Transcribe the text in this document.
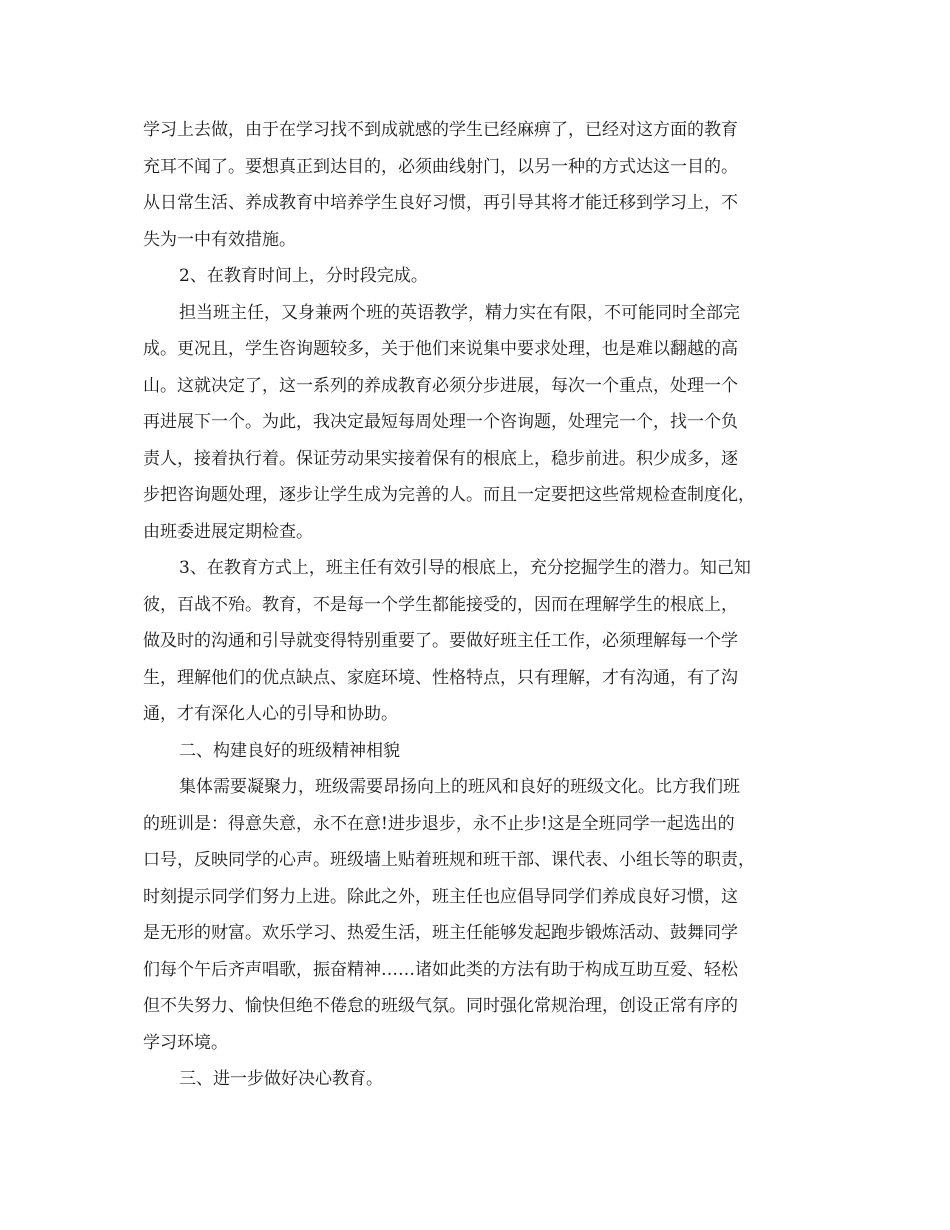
学习上去做，由于在学习找不到成就感的学生已经麻痹了，已经对这方面的教育
充耳不闻了。要想真正到达目的，必须曲线射门，以另一种的方式达这一目的。
从日常生活、养成教育中培养学生良好习惯，再引导其将才能迁移到学习上，不
失为一中有效措施。
2、在教育时间上，分时段完成。
担当班主任，又身兼两个班的英语教学，精力实在有限，不可能同时全部完
成。更况且，学生咨询题较多，关于他们来说集中要求处理，也是难以翻越的高
山。这就决定了，这一系列的养成教育必须分步进展，每次一个重点，处理一个
再进展下一个。为此，我决定最短每周处理一个咨询题，处理完一个，找一个负
责人，接着执行着。保证劳动果实接着保有的根底上，稳步前进。积少成多，逐
步把咨询题处理，逐步让学生成为完善的人。而且一定要把这些常规检查制度化，
由班委进展定期检查。
3、在教育方式上，班主任有效引导的根底上，充分挖掘学生的潜力。知己知
彼，百战不殆。教育，不是每一个学生都能接受的，因而在理解学生的根底上，
做及时的沟通和引导就变得特别重要了。要做好班主任工作，必须理解每一个学
生，理解他们的优点缺点、家庭环境、性格特点，只有理解，才有沟通，有了沟
通，才有深化人心的引导和协助。
二、构建良好的班级精神相貌
集体需要凝聚力，班级需要昂扬向上的班风和良好的班级文化。比方我们班
的班训是：得意失意，永不在意!进步退步，永不止步!这是全班同学一起选出的
口号，反映同学的心声。班级墙上贴着班规和班干部、课代表、小组长等的职责，
时刻提示同学们努力上进。除此之外，班主任也应倡导同学们养成良好习惯，这
是无形的财富。欢乐学习、热爱生活，班主任能够发起跑步锻炼活动、鼓舞同学
们每个午后齐声唱歌，振奋精神……诸如此类的方法有助于构成互助互爱、轻松
但不失努力、愉快但绝不倦怠的班级气氛。同时强化常规治理，创设正常有序的
学习环境。
三、进一步做好决心教育。
